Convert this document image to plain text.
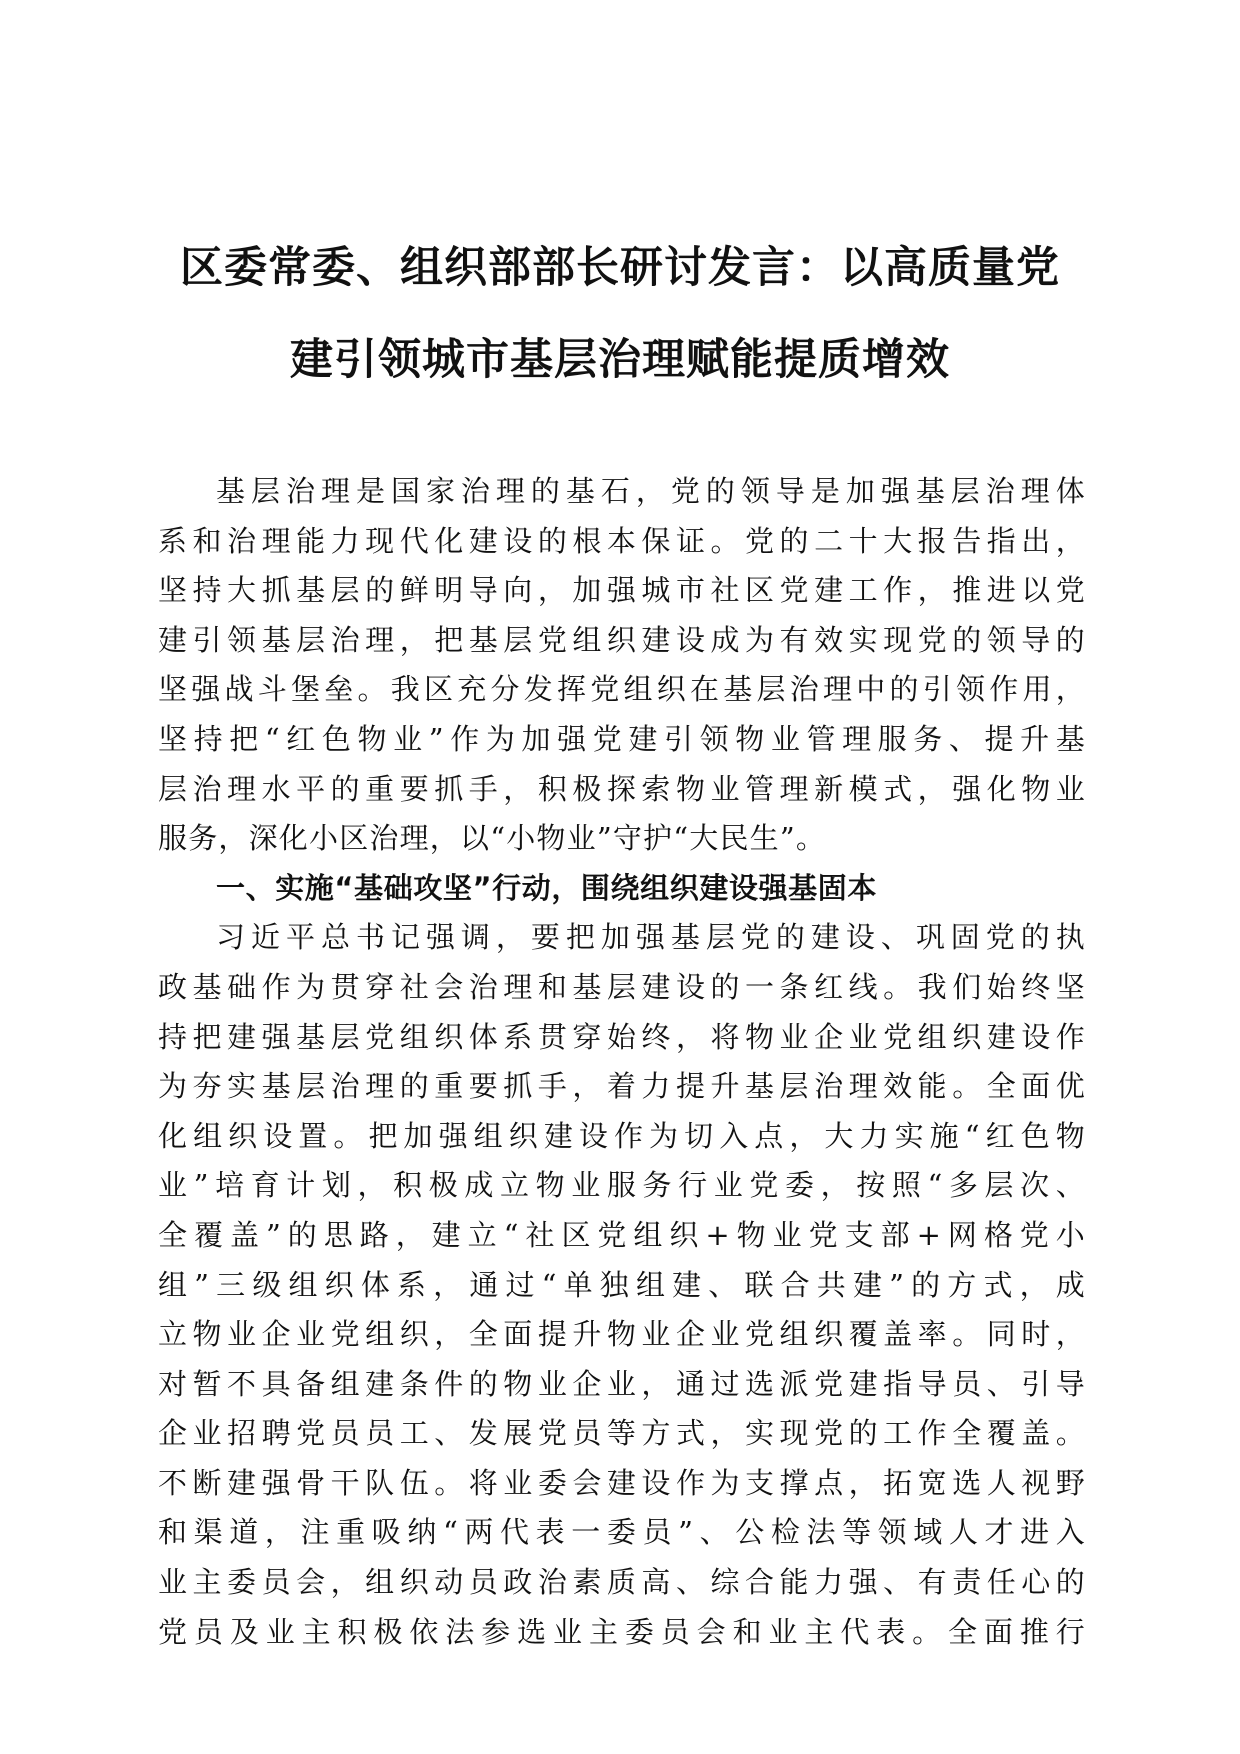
区委常委、组织部部长研讨发言：以高质量党
建引领城市基层治理赋能提质增效
基层治理是国家治理的基石，党的领导是加强基层治理体
系和治理能力现代化建设的根本保证。党的二十大报告指出，
坚持大抓基层的鲜明导向，加强城市社区党建工作，推进以党
建引领基层治理，把基层党组织建设成为有效实现党的领导的
坚强战斗堡垒。我区充分发挥党组织在基层治理中的引领作用，
坚持把“红色物业”作为加强党建引领物业管理服务、提升基
层治理水平的重要抓手，积极探索物业管理新模式，强化物业
服务，深化小区治理，以“小物业”守护“大民生”。
一、实施“基础攻坚”行动，围绕组织建设强基固本
习近平总书记强调，要把加强基层党的建设、巩固党的执
政基础作为贯穿社会治理和基层建设的一条红线。我们始终坚
持把建强基层党组织体系贯穿始终，将物业企业党组织建设作
为夯实基层治理的重要抓手，着力提升基层治理效能。全面优
化组织设置。把加强组织建设作为切入点，大力实施“红色物
业”培育计划，积极成立物业服务行业党委，按照“多层次、
全覆盖”的思路，建立“社区党组织+物业党支部+网格党小
组”三级组织体系，通过“单独组建、联合共建”的方式，成
立物业企业党组织，全面提升物业企业党组织覆盖率。同时，
对暂不具备组建条件的物业企业，通过选派党建指导员、引导
企业招聘党员员工、发展党员等方式，实现党的工作全覆盖。
不断建强骨干队伍。将业委会建设作为支撑点，拓宽选人视野
和渠道，注重吸纳“两代表一委员”、公检法等领域人才进入
业主委员会，组织动员政治素质高、综合能力强、有责任心的
党员及业主积极依法参选业主委员会和业主代表。全面推行
